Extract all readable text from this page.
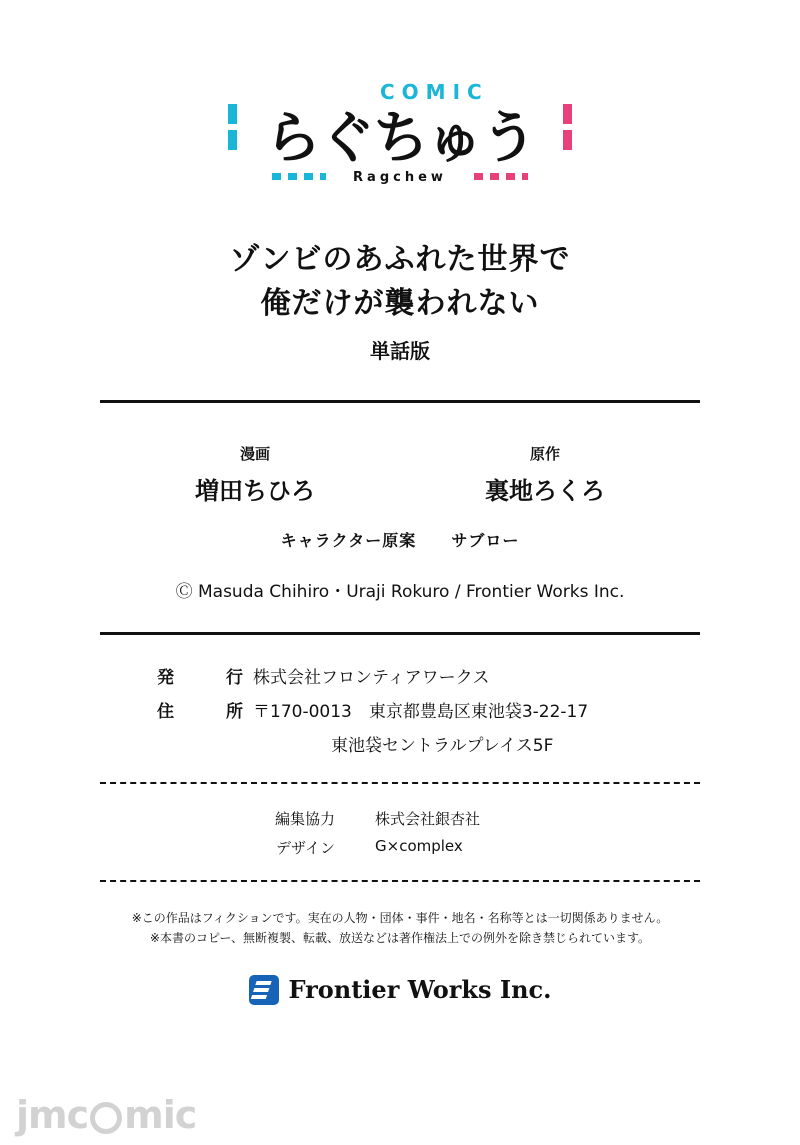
COMIC
らぐちゅう
Ragchew
ゾンビのあふれた世界で
俺だけが襲われない
単話版
漫画
増田ちひろ
原作
裏地ろくろ
キャラクター原案 サブロー
Ⓒ Masuda Chihiro・Uraji Rokuro / Frontier Works Inc.
発行 株式会社フロンティアワークス
住所 〒170-0013　東京都豊島区東池袋3-22-17
東池袋セントラルプレイス5F
編集協力	株式会社銀杏社
デザイン	G×complex
※この作品はフィクションです。実在の人物・団体・事件・地名・名称等とは一切関係ありません。
※本書のコピー、無断複製、転載、放送などは著作権法上での例外を除き禁じられています。
Frontier Works Inc.
jmc mic
